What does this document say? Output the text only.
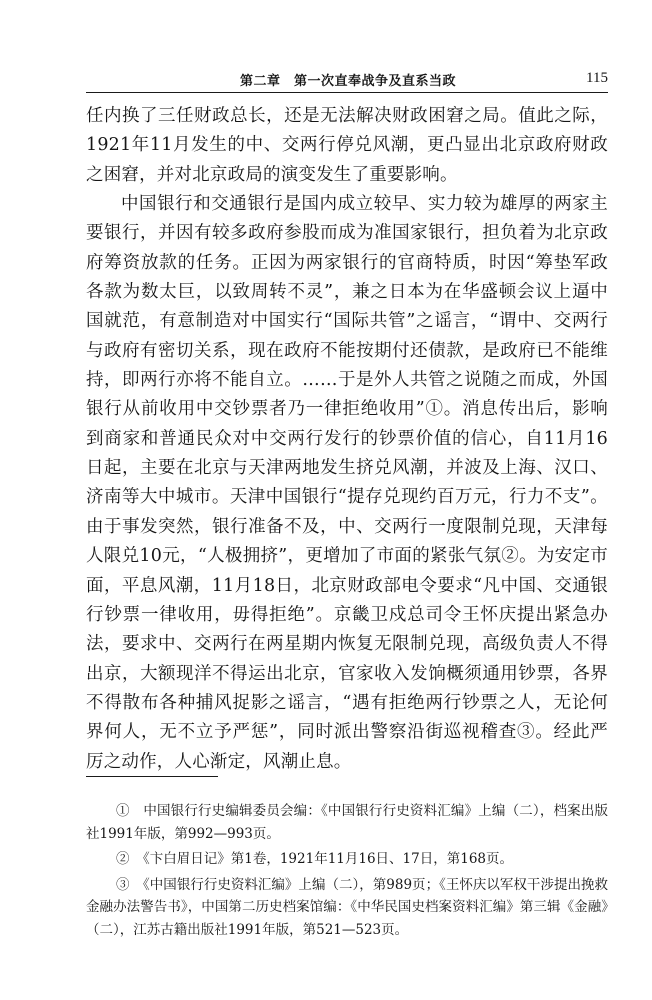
第二章　第一次直奉战争及直系当政	115

任内换了三任财政总长，还是无法解决财政困窘之局。值此之际，1921年11月发生的中、交两行停兑风潮，更凸显出北京政府财政之困窘，并对北京政局的演变发生了重要影响。

中国银行和交通银行是国内成立较早、实力较为雄厚的两家主要银行，并因有较多政府参股而成为准国家银行，担负着为北京政府筹资放款的任务。正因为两家银行的官商特质，时因“筹垫军政各款为数太巨，以致周转不灵”，兼之日本为在华盛顿会议上逼中国就范，有意制造对中国实行“国际共管”之谣言，“谓中、交两行与政府有密切关系，现在政府不能按期付还债款，是政府已不能维持，即两行亦将不能自立。……于是外人共管之说随之而成，外国银行从前收用中交钞票者乃一律拒绝收用”①。消息传出后，影响到商家和普通民众对中交两行发行的钞票价值的信心，自11月16日起，主要在北京与天津两地发生挤兑风潮，并波及上海、汉口、济南等大中城市。天津中国银行“提存兑现约百万元，行力不支”。由于事发突然，银行准备不及，中、交两行一度限制兑现，天津每人限兑10元，“人极拥挤”，更增加了市面的紧张气氛②。为安定市面，平息风潮，11月18日，北京财政部电令要求“凡中国、交通银行钞票一律收用，毋得拒绝”。京畿卫戍总司令王怀庆提出紧急办法，要求中、交两行在两星期内恢复无限制兑现，高级负责人不得出京，大额现洋不得运出北京，官家收入发饷概须通用钞票，各界不得散布各种捕风捉影之谣言，“遇有拒绝两行钞票之人，无论何界何人，无不立予严惩”，同时派出警察沿街巡视稽查③。经此严厉之动作，人心渐定，风潮止息。

①　 中国银行行史编辑委员会编：《中国银行行史资料汇编》上编（二），档案出版社1991年版，第992—993页。

②　 《卞白眉日记》第1卷，1921年11月16日、17日，第168页。

③　 《中国银行行史资料汇编》上编（二），第989页；《王怀庆以军权干涉提出挽救金融办法警告书》，中国第二历史档案馆编：《中华民国史档案资料汇编》第三辑《金融》（二），江苏古籍出版社1991年版，第521—523页。
